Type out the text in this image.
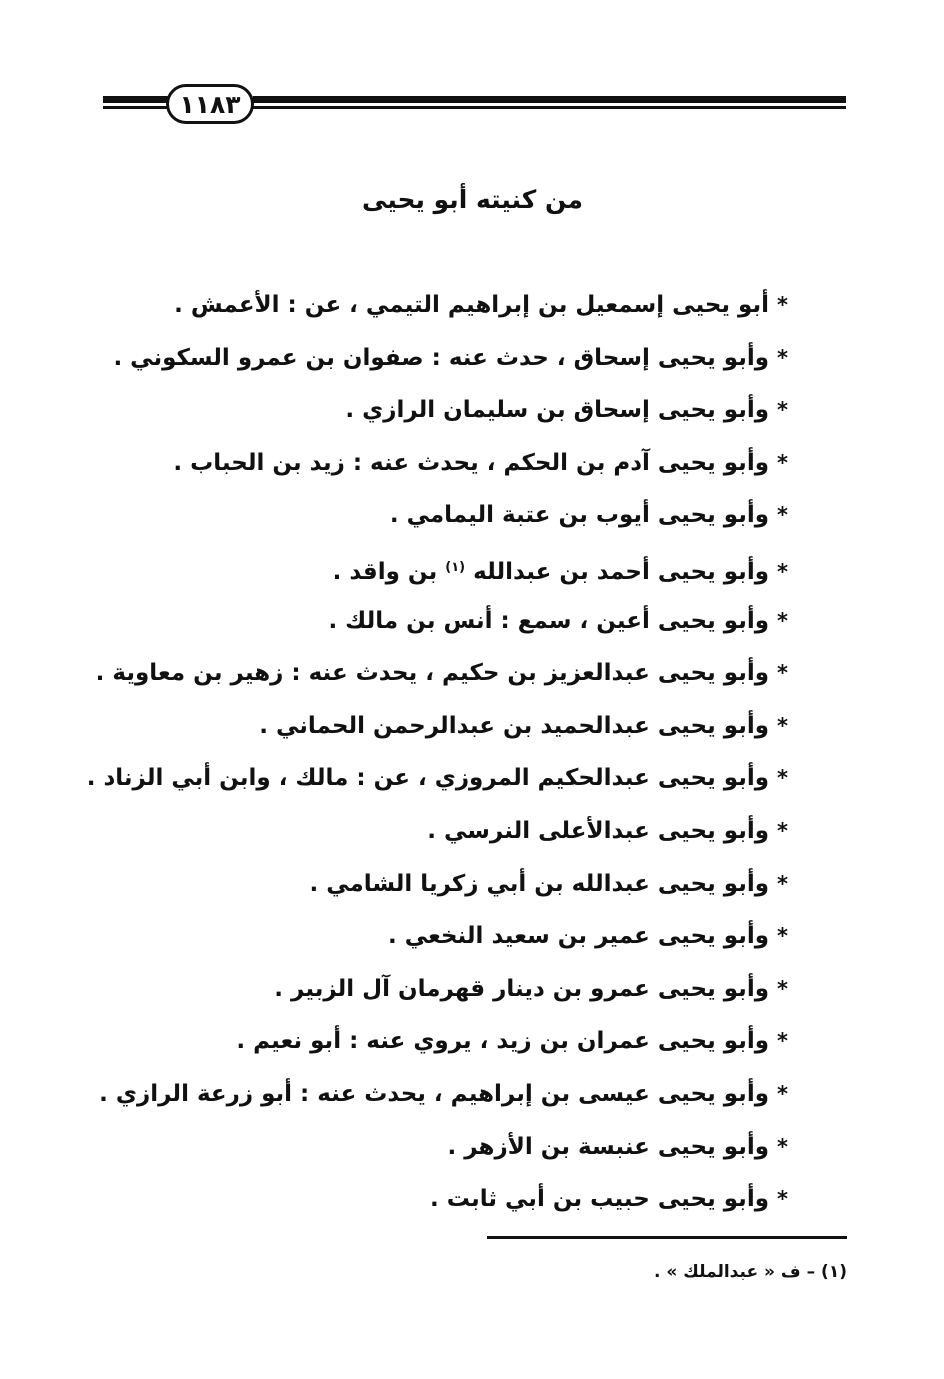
١١٨٣
من كنيته أبو يحيى
*أبو يحيى إسمعيل بن إبراهيم التيمي ، عن : الأعمش .
*وأبو يحيى إسحاق ، حدث عنه : صفوان بن عمرو السكوني .
*وأبو يحيى إسحاق بن سليمان الرازي .
*وأبو يحيى آدم بن الحكم ، يحدث عنه : زيد بن الحباب .
*وأبو يحيى أيوب بن عتبة اليمامي .
*وأبو يحيى أحمد بن عبدالله $^{(١)}$ بن واقد .
*وأبو يحيى أعين ، سمع : أنس بن مالك .
*وأبو يحيى عبدالعزيز بن حكيم ، يحدث عنه : زهير بن معاوية .
*وأبو يحيى عبدالحميد بن عبدالرحمن الحماني .
*وأبو يحيى عبدالحكيم المروزي ، عن : مالك ، وابن أبي الزناد .
*وأبو يحيى عبدالأعلى النرسي .
*وأبو يحيى عبدالله بن أبي زكريا الشامي .
*وأبو يحيى عمير بن سعيد النخعي .
*وأبو يحيى عمرو بن دينار قهرمان آل الزبير .
*وأبو يحيى عمران بن زيد ، يروي عنه : أبو نعيم .
*وأبو يحيى عيسى بن إبراهيم ، يحدث عنه : أبو زرعة الرازي .
*وأبو يحيى عنبسة بن الأزهر .
*وأبو يحيى حبيب بن أبي ثابت .
(١) –ف « عبدالملك » .
